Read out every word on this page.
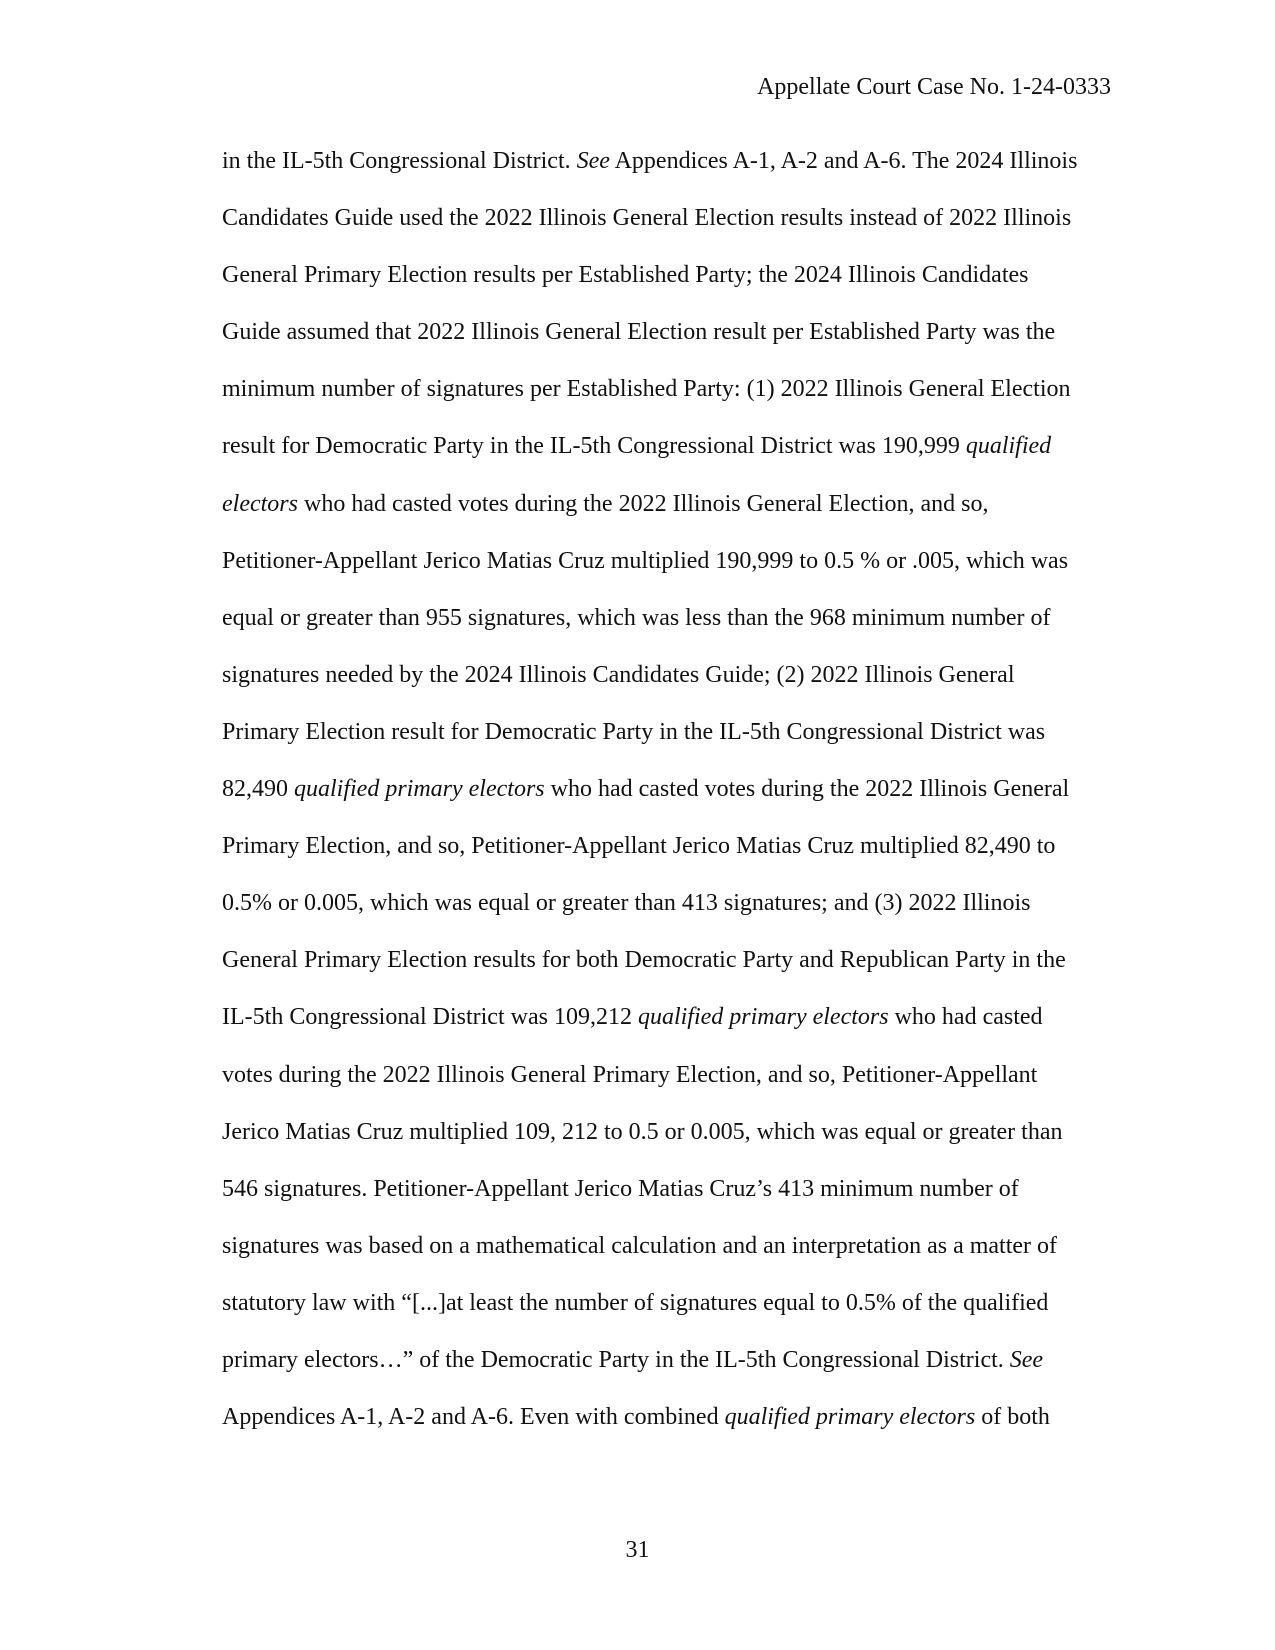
Appellate Court Case No. 1-24-0333
in the IL-5th Congressional District. See Appendices A-1, A-2 and A-6. The 2024 Illinois
Candidates Guide used the 2022 Illinois General Election results instead of 2022 Illinois
General Primary Election results per Established Party; the 2024 Illinois Candidates
Guide assumed that 2022 Illinois General Election result per Established Party was the
minimum number of signatures per Established Party: (1) 2022 Illinois General Election
result for Democratic Party in the IL-5th Congressional District was 190,999 qualified
electors who had casted votes during the 2022 Illinois General Election, and so,
Petitioner-Appellant Jerico Matias Cruz multiplied 190,999 to 0.5 % or .005, which was
equal or greater than 955 signatures, which was less than the 968 minimum number of
signatures needed by the 2024 Illinois Candidates Guide; (2) 2022 Illinois General
Primary Election result for Democratic Party in the IL-5th Congressional District was
82,490 qualified primary electors who had casted votes during the 2022 Illinois General
Primary Election, and so, Petitioner-Appellant Jerico Matias Cruz multiplied 82,490 to
0.5% or 0.005, which was equal or greater than 413 signatures; and (3) 2022 Illinois
General Primary Election results for both Democratic Party and Republican Party in the
IL-5th Congressional District was 109,212 qualified primary electors who had casted
votes during the 2022 Illinois General Primary Election, and so, Petitioner-Appellant
Jerico Matias Cruz multiplied 109, 212 to 0.5 or 0.005, which was equal or greater than
546 signatures. Petitioner-Appellant Jerico Matias Cruz’s 413 minimum number of
signatures was based on a mathematical calculation and an interpretation as a matter of
statutory law with “[...]at least the number of signatures equal to 0.5% of the qualified
primary electors…” of the Democratic Party in the IL-5th Congressional District. See
Appendices A-1, A-2 and A-6. Even with combined qualified primary electors of both
31
